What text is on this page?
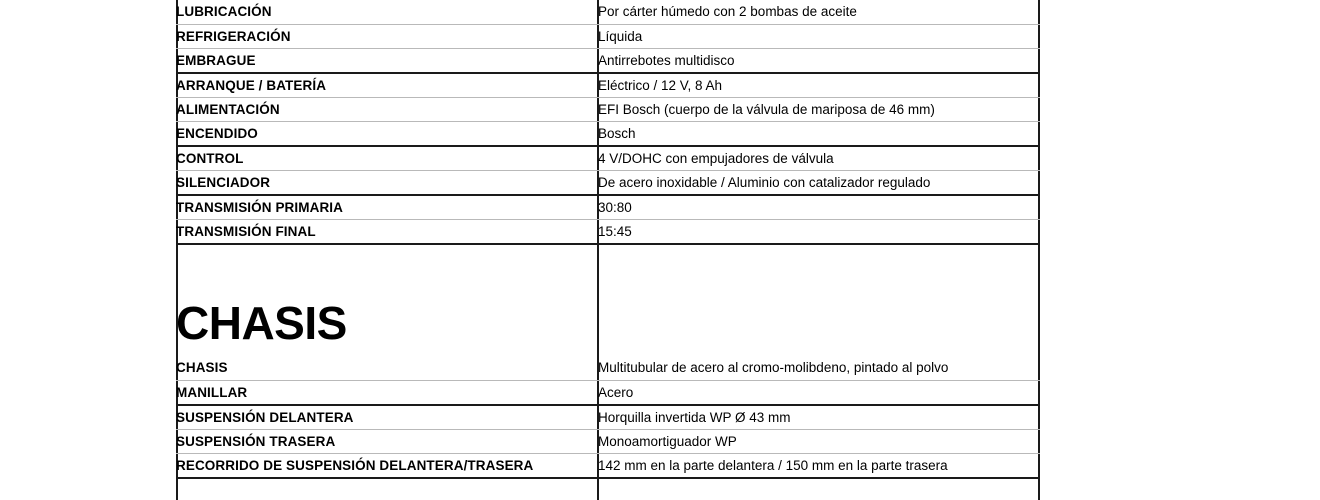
LUBRICACIÓN	Por cárter húmedo con 2 bombas de aceite
REFRIGERACIÓN	Líquida
EMBRAGUE	Antirrebotes multidisco
ARRANQUE / BATERÍA	Eléctrico / 12 V, 8 Ah
ALIMENTACIÓN	EFI Bosch (cuerpo de la válvula de mariposa de 46 mm)
ENCENDIDO	Bosch
CONTROL	4 V/DOHC con empujadores de válvula
SILENCIADOR	De acero inoxidable / Aluminio con catalizador regulado
TRANSMISIÓN PRIMARIA	30:80
TRANSMISIÓN FINAL	15:45

CHASIS	
CHASIS	Multitubular de acero al cromo-molibdeno, pintado al polvo
MANILLAR	Acero
SUSPENSIÓN DELANTERA	Horquilla invertida WP Ø 43 mm
SUSPENSIÓN TRASERA	Monoamortiguador WP
RECORRIDO DE SUSPENSIÓN DELANTERA/TRASERA	142 mm en la parte delantera / 150 mm en la parte trasera
